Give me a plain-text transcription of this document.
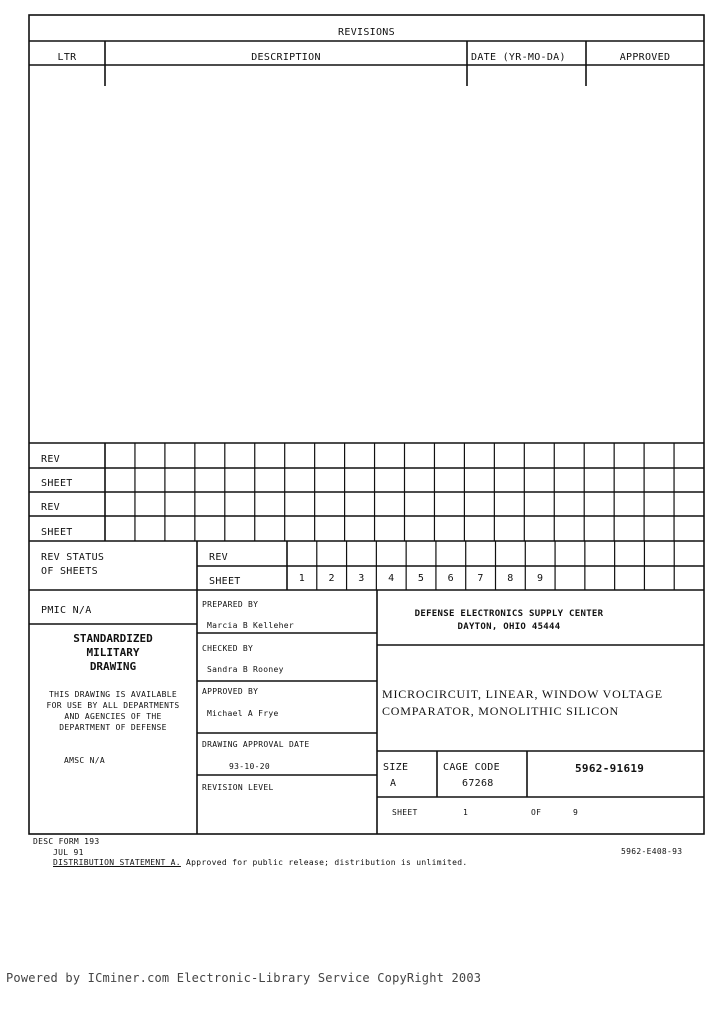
REVISIONS
LTR	DESCRIPTION	DATE (YR-MO-DA)	APPROVED
REV
SHEET
REV
SHEET
REV STATUS
OF SHEETS
REV
SHEET	1	2	3	4	5	6	7	8	9
PMIC N/A
STANDARDIZED
MILITARY
DRAWING
THIS DRAWING IS AVAILABLE
FOR USE BY ALL DEPARTMENTS
AND AGENCIES OF THE
DEPARTMENT OF DEFENSE
AMSC N/A
PREPARED BY
Marcia B Kelleher
CHECKED BY
Sandra B Rooney
APPROVED BY
Michael A Frye
DRAWING APPROVAL DATE
93-10-20
REVISION LEVEL
DEFENSE ELECTRONICS SUPPLY CENTER
DAYTON, OHIO 45444
MICROCIRCUIT, LINEAR, WINDOW VOLTAGE
COMPARATOR, MONOLITHIC SILICON
SIZE
A
CAGE CODE
67268
5962-91619
SHEET	1	OF	9
DESC FORM 193
JUL 91
DISTRIBUTION STATEMENT A. Approved for public release; distribution is unlimited.
5962-E408-93
Powered by ICminer.com Electronic-Library Service CopyRight 2003
